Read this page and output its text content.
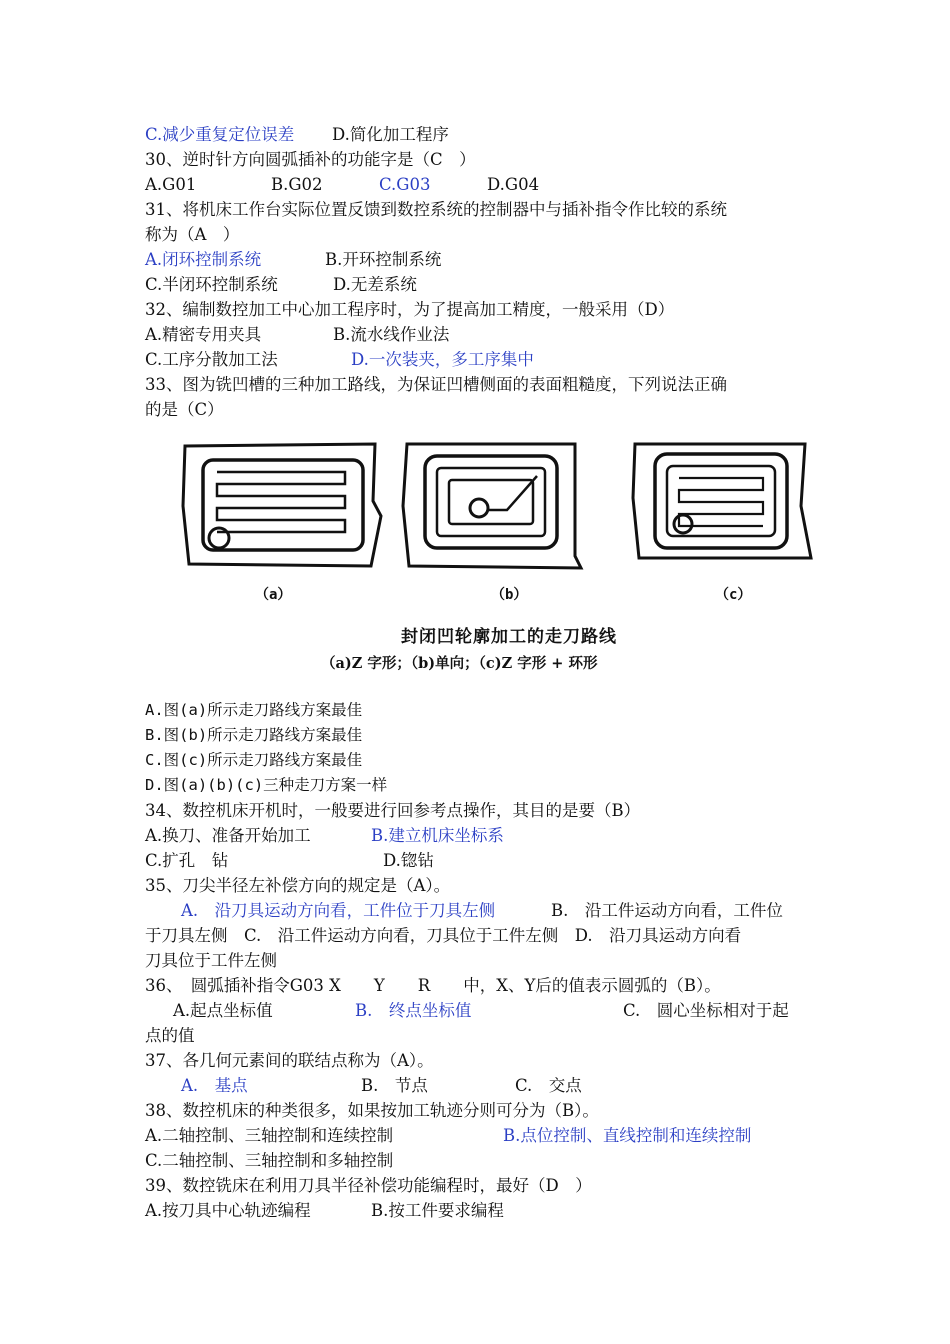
C.减少重复定位误差 D.简化加工程序
30、逆时针方向圆弧插补的功能字是（C　）
A.G01	B.G02	C.G03	D.G04
31、将机床工作台实际位置反馈到数控系统的控制器中与插补指令作比较的系统
称为（A　）
A.闭环控制系统	B.开环控制系统
C.半闭环控制系统	D.无差系统
32、编制数控加工中心加工程序时，为了提高加工精度，一般采用（D）
A.精密专用夹具	B.流水线作业法
C.工序分散加工法	D.一次装夹，多工序集中
33、图为铣凹槽的三种加工路线，为保证凹槽侧面的表面粗糙度，下列说法正确
的是（C）
（a）	（b）	（c）
封闭凹轮廓加工的走刀路线
（a)Z 字形；（b)单向；（c)Z 字形 + 环形
A.图(a)所示走刀路线方案最佳
B.图(b)所示走刀路线方案最佳
C.图(c)所示走刀路线方案最佳
D.图(a)(b)(c)三种走刀方案一样
34、数控机床开机时，一般要进行回参考点操作，其目的是要（B）
A.换刀、准备开始加工	B.建立机床坐标系
C.扩孔　钻	D.锪钻
35、刀尖半径左补偿方向的规定是（A）。
A.　沿刀具运动方向看，工件位于刀具左侧	B.　沿工件运动方向看，工件位
于刀具左侧　C.　沿工件运动方向看，刀具位于工件左侧　D.　沿刀具运动方向看
刀具位于工件左侧
36、　圆弧插补指令G03 X　　Y　　R　　中，X、Y后的值表示圆弧的（B）。
A.起点坐标值	B.　终点坐标值	C.　圆心坐标相对于起
点的值
37、各几何元素间的联结点称为（A）。
A.　基点	B.　节点	C.　交点
38、数控机床的种类很多，如果按加工轨迹分则可分为（B）。
A.二轴控制、三轴控制和连续控制	B.点位控制、直线控制和连续控制
C.二轴控制、三轴控制和多轴控制
39、数控铣床在利用刀具半径补偿功能编程时，最好（D　）
A.按刀具中心轨迹编程	B.按工件要求编程
